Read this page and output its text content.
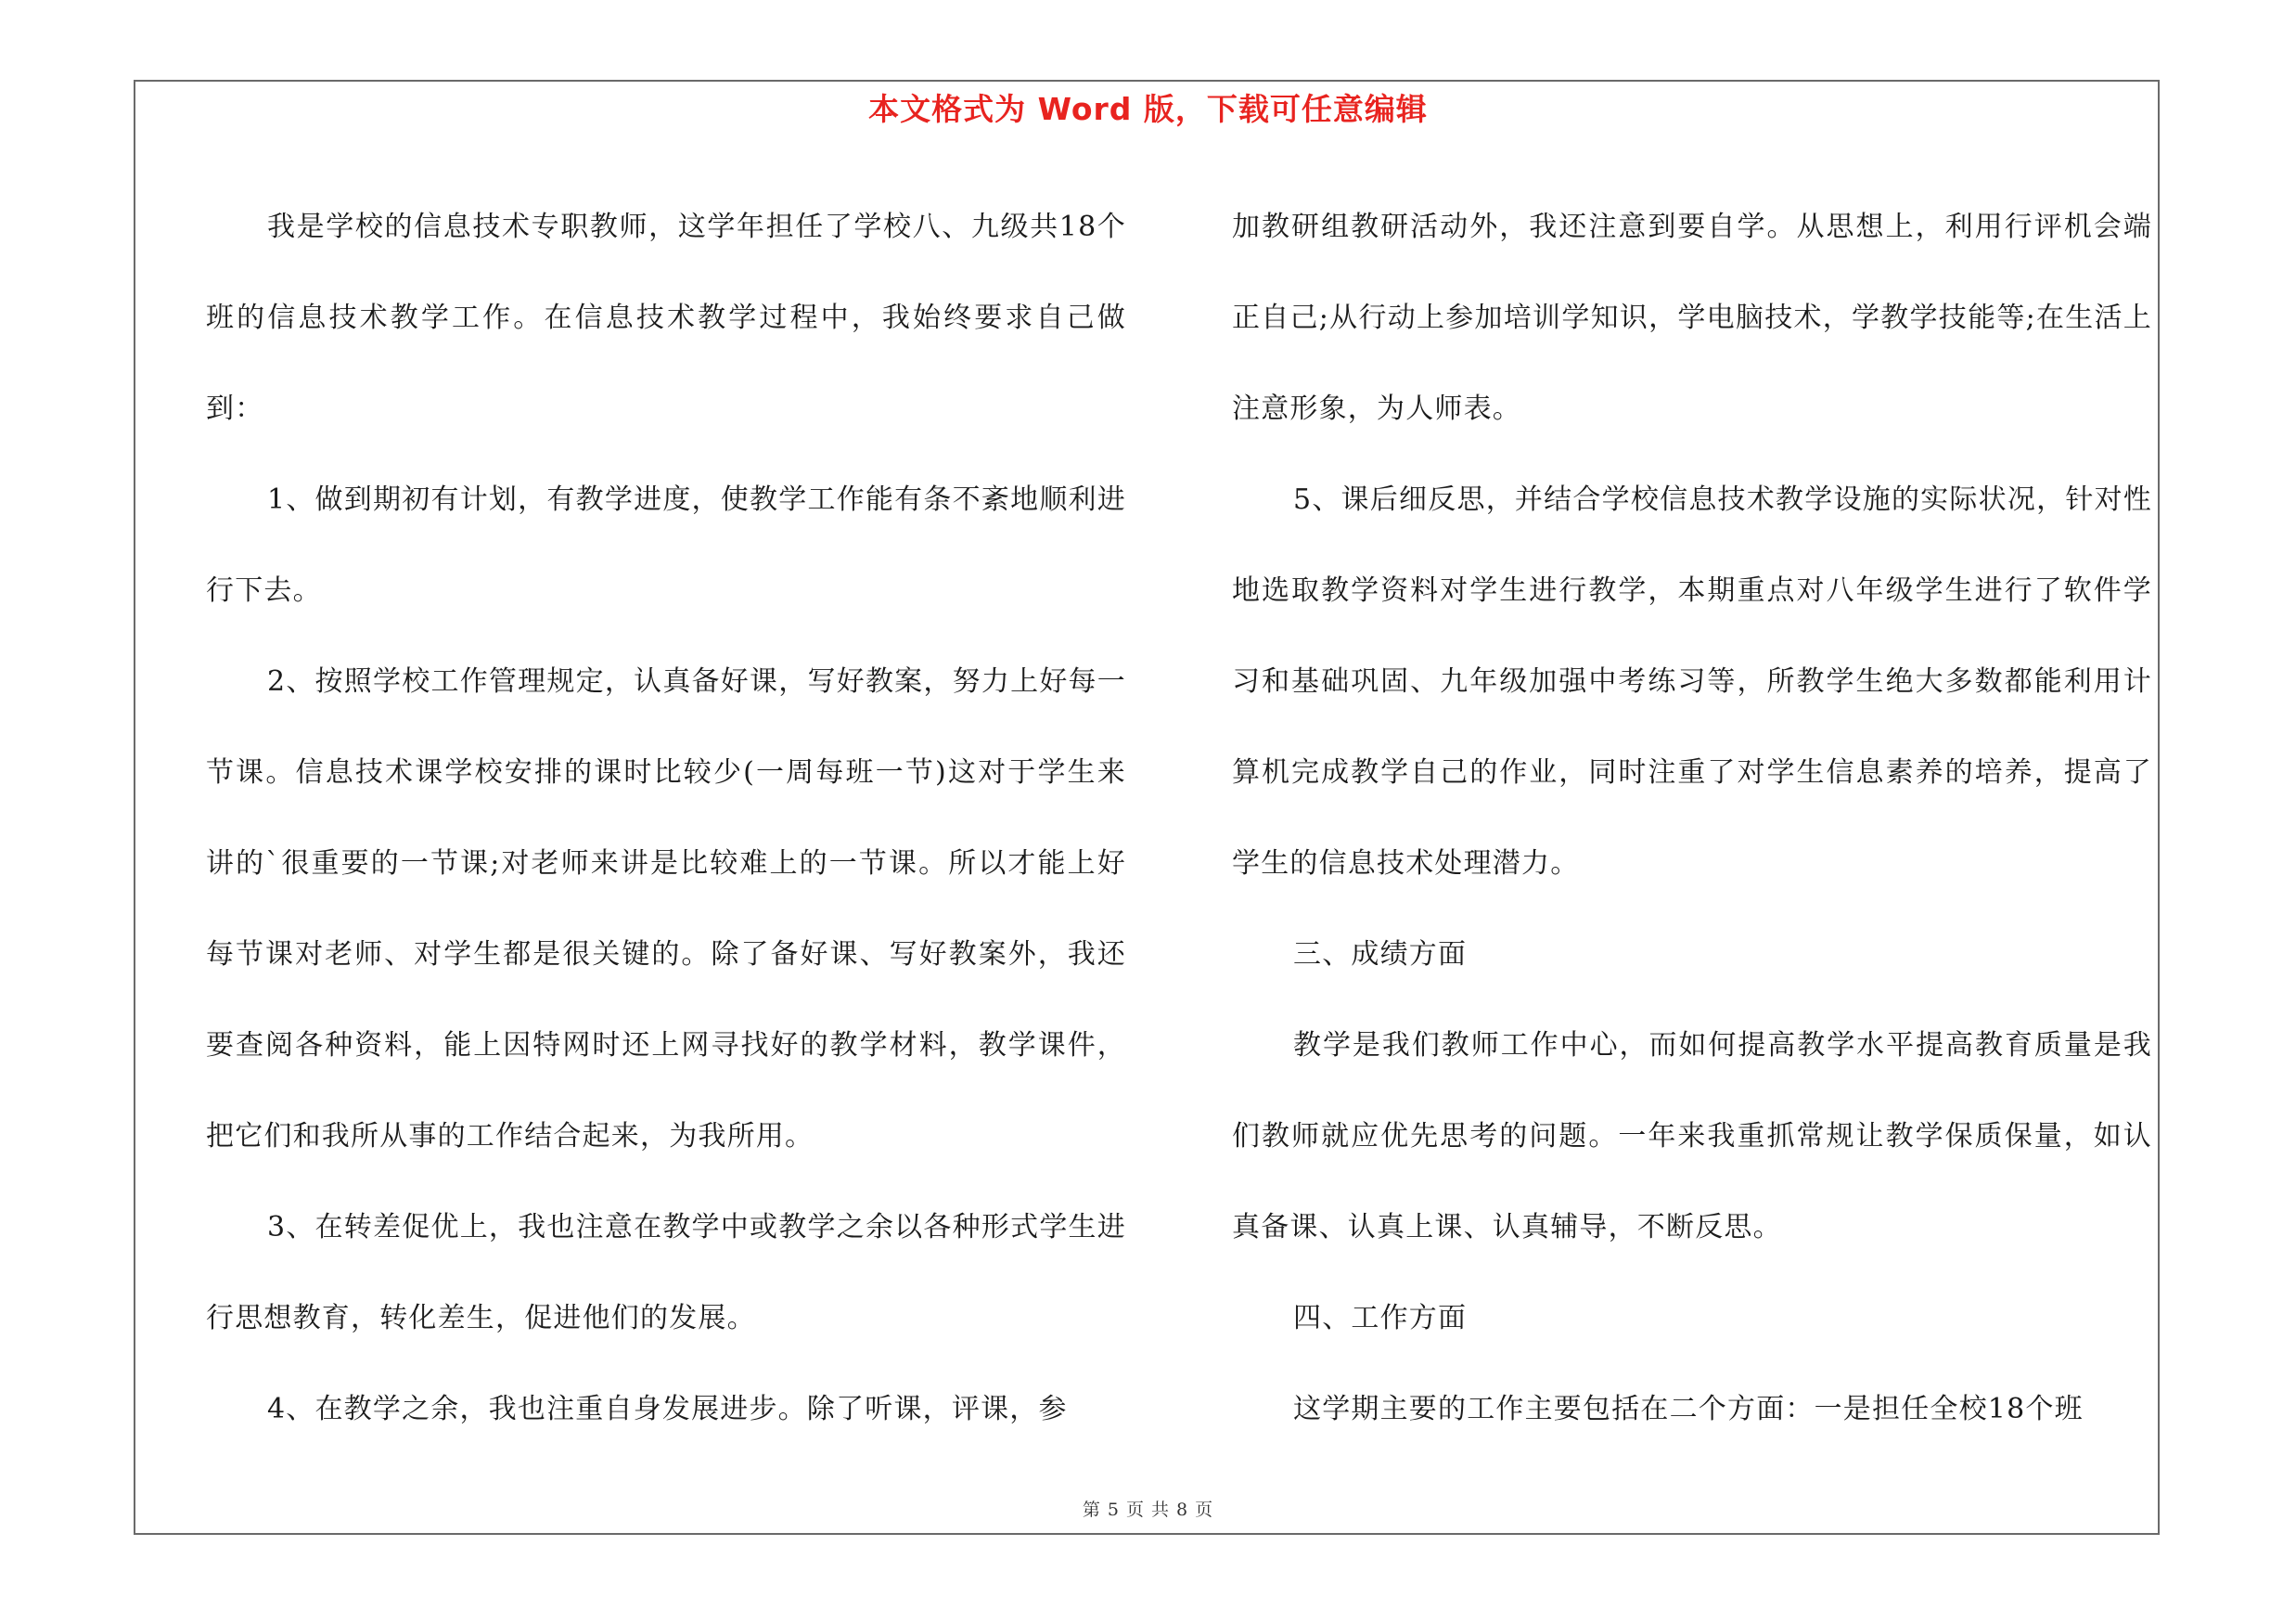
本文格式为 Word 版，下载可任意编辑

我是学校的信息技术专职教师，这学年担任了学校八、九级共18个班的信息技术教学工作。在信息技术教学过程中，我始终要求自己做到：

1、做到期初有计划，有教学进度，使教学工作能有条不紊地顺利进行下去。

2、按照学校工作管理规定，认真备好课，写好教案，努力上好每一节课。信息技术课学校安排的课时比较少(一周每班一节)这对于学生来讲的`很重要的一节课;对老师来讲是比较难上的一节课。所以才能上好每节课对老师、对学生都是很关键的。除了备好课、写好教案外，我还要查阅各种资料，能上因特网时还上网寻找好的教学材料，教学课件，把它们和我所从事的工作结合起来，为我所用。

3、在转差促优上，我也注意在教学中或教学之余以各种形式学生进行思想教育，转化差生，促进他们的发展。

4、在教学之余，我也注重自身发展进步。除了听课，评课，参

加教研组教研活动外，我还注意到要自学。从思想上，利用行评机会端正自己;从行动上参加培训学知识，学电脑技术，学教学技能等;在生活上注意形象，为人师表。

5、课后细反思，并结合学校信息技术教学设施的实际状况，针对性地选取教学资料对学生进行教学，本期重点对八年级学生进行了软件学习和基础巩固、九年级加强中考练习等，所教学生绝大多数都能利用计算机完成教学自己的作业，同时注重了对学生信息素养的培养，提高了学生的信息技术处理潜力。

三、成绩方面

教学是我们教师工作中心，而如何提高教学水平提高教育质量是我们教师就应优先思考的问题。一年来我重抓常规让教学保质保量，如认真备课、认真上课、认真辅导，不断反思。

四、工作方面

这学期主要的工作主要包括在二个方面：一是担任全校18个班

第 5 页 共 8 页
